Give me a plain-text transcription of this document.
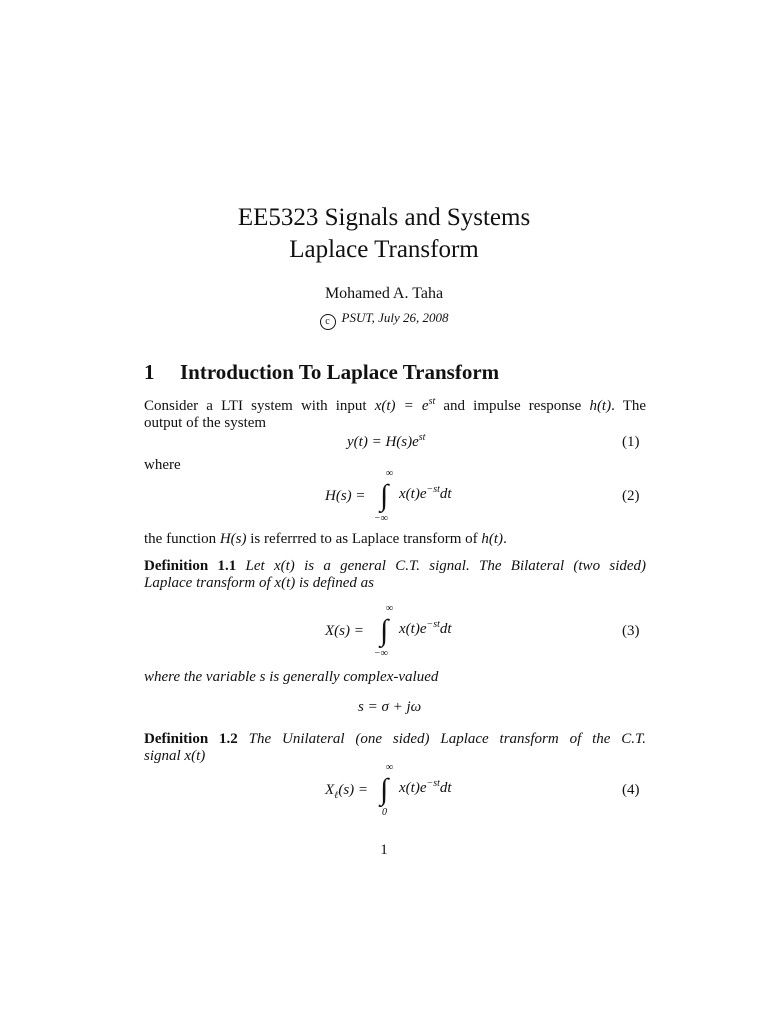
EE5323 Signals and Systems
Laplace Transform
Mohamed A. Taha
c PSUT, July 26, 2008
1 Introduction To Laplace Transform
Consider a LTI system with input $x(t) = e^{st}$ and impulse response h(t). The
output of the system
$y(t) = H(s)e^{st}$	(1)
where
∞
∫
−∞
$H(s) = x(t)e^{-st}dt$	(2)
the function H(s) is referrred to as Laplace transform of h(t).
Definition 1.1 Let x(t) is a general C.T. signal. The Bilateral (two sided)
Laplace transform of x(t) is defined as
∞
∫
−∞
$X(s) = x(t)e^{-st}dt$	(3)
where the variable s is generally complex-valued
s = σ + jω
Definition 1.2 The Unilateral (one sided) Laplace transform of the C.T.
signal x(t)
∞
∫
0
$X_\ell(s) = x(t)e^{-st}dt$	(4)
1
